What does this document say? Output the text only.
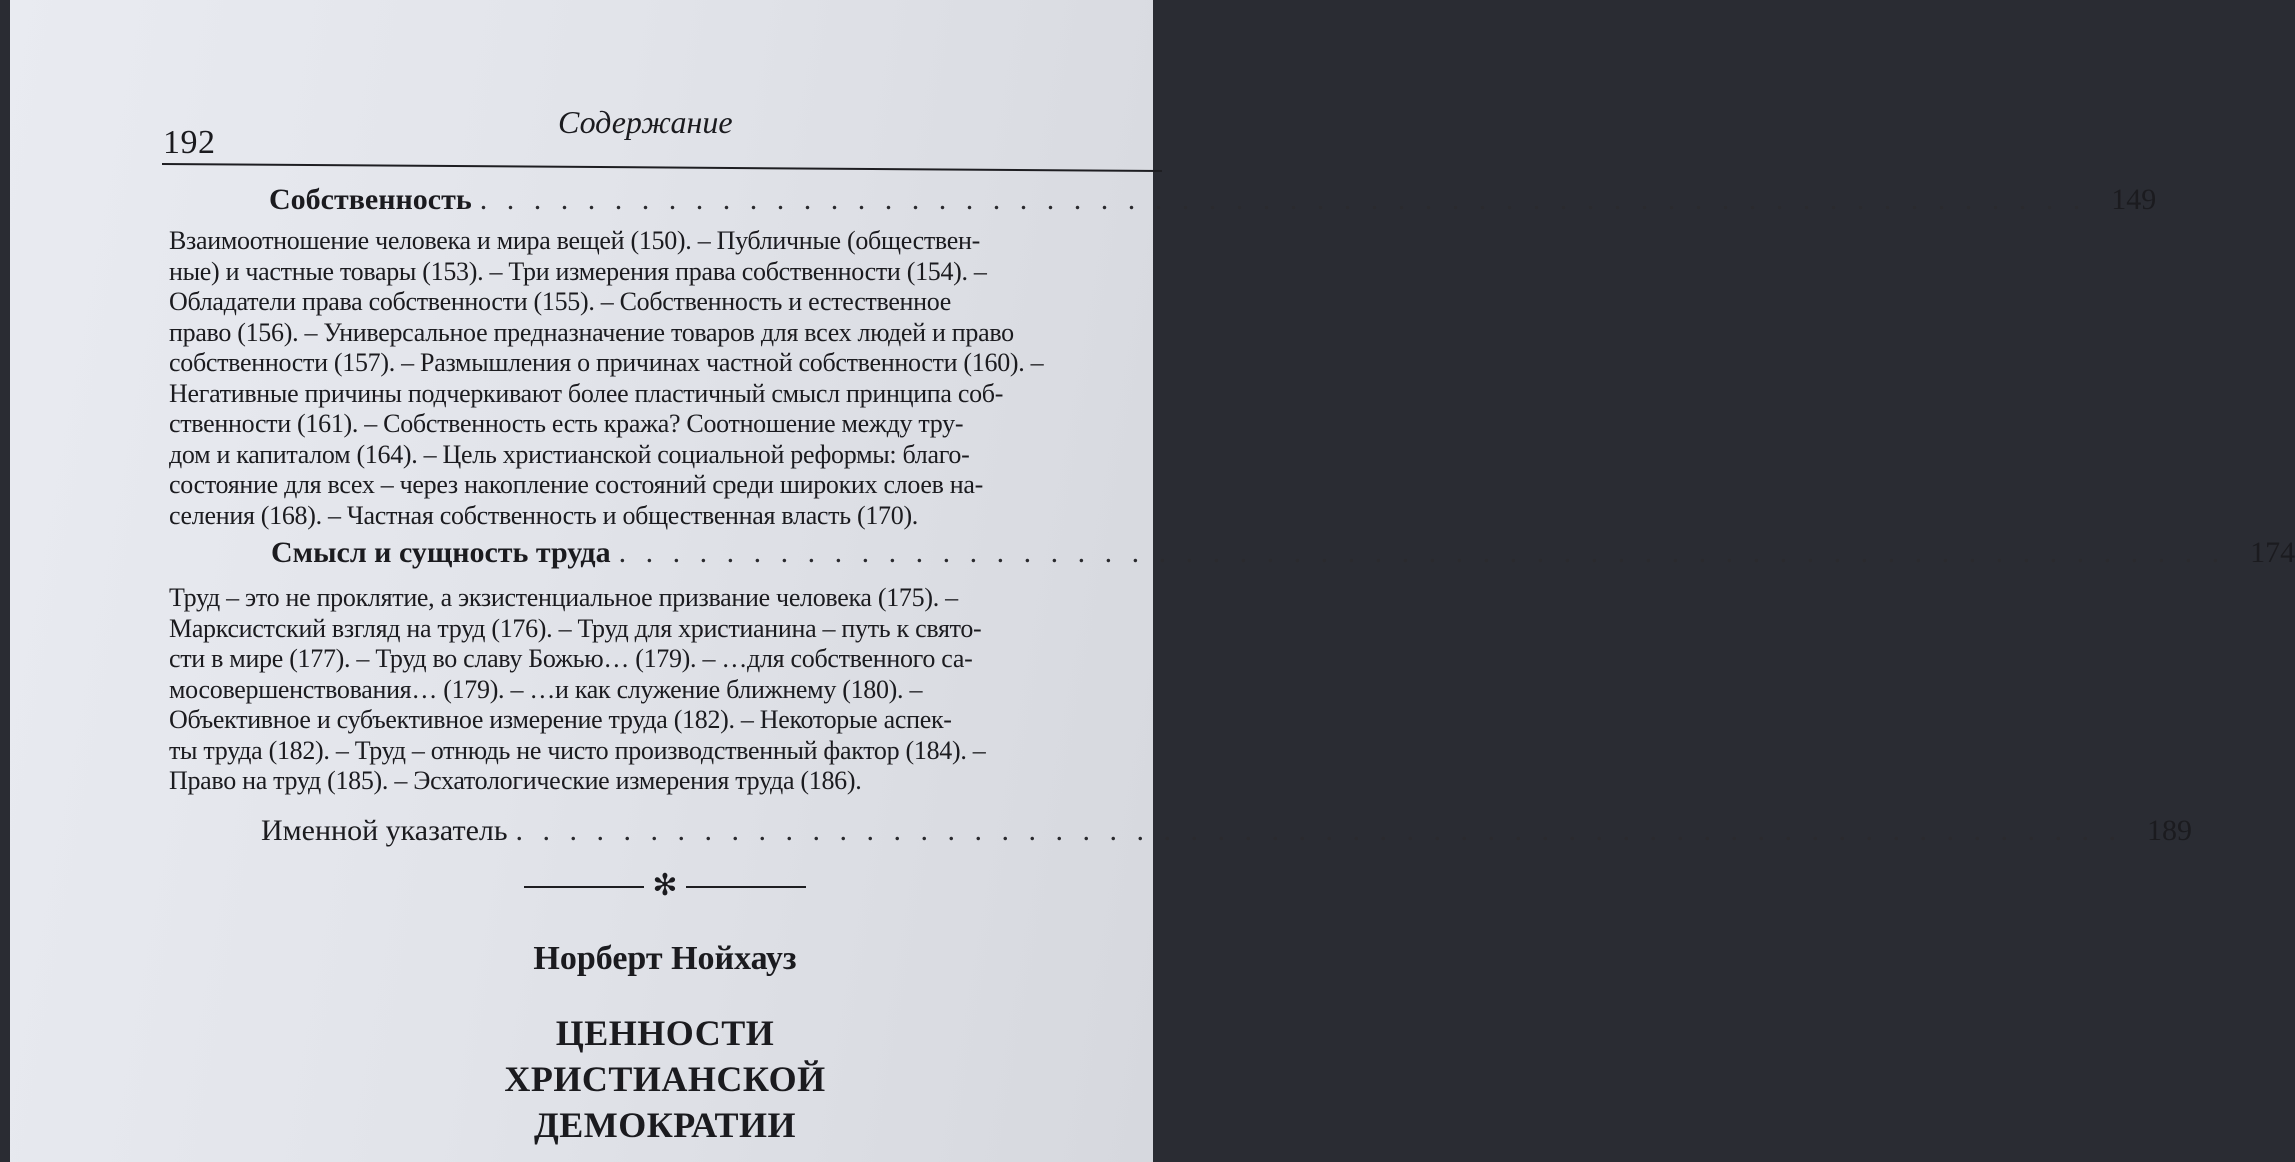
192
Содержание
Собственность . . . . . . . . . . . . . . . . . . . . . . . . . . . . . . . . . . . . . . . . . . . . . . . . . . . . . . . . . . . . 149
Взаимоотношение человека и мира вещей (150). – Публичные (обществен-
ные) и частные товары (153). – Три измерения права собственности (154). –
Обладатели права собственности (155). – Собственность и естественное
право (156). – Универсальное предназначение товаров для всех людей и право
собственности (157). – Размышления о причинах частной собственности (160). –
Негативные причины подчеркивают более пластичный смысл принципа соб-
ственности (161). – Собственность есть кража? Соотношение между тру-
дом и капиталом (164). – Цель христианской социальной реформы: благо-
состояние для всех – через накопление состояний среди широких слоев на-
селения (168). – Частная собственность и общественная власть (170).
Смысл и сущность труда . . . . . . . . . . . . . . . . . . . . . . . . . . . . . . . . . . . . . . . . . . . . . . . . . . . . . . . . . . . . 174
Труд – это не проклятие, а экзистенциальное призвание человека (175). –
Марксистский взгляд на труд (176). – Труд для христианина – путь к свято-
сти в мире (177). – Труд во славу Божью… (179). – …для собственного са-
мосовершенствования… (179). – …и как служение ближнему (180). –
Объективное и субъективное измерение труда (182). – Некоторые аспек-
ты труда (182). – Труд – отнюдь не чисто производственный фактор (184). –
Право на труд (185). – Эсхатологические измерения труда (186).
Именной указатель . . . . . . . . . . . . . . . . . . . . . . . . . . . . . . . . . . . . . . . . . . . . . . . . . . . . . . . . . . . . 189
✻
Норберт Нойхауз
ЦЕННОСТИ
ХРИСТИАНСКОЙ
ДЕМОКРАТИИ
